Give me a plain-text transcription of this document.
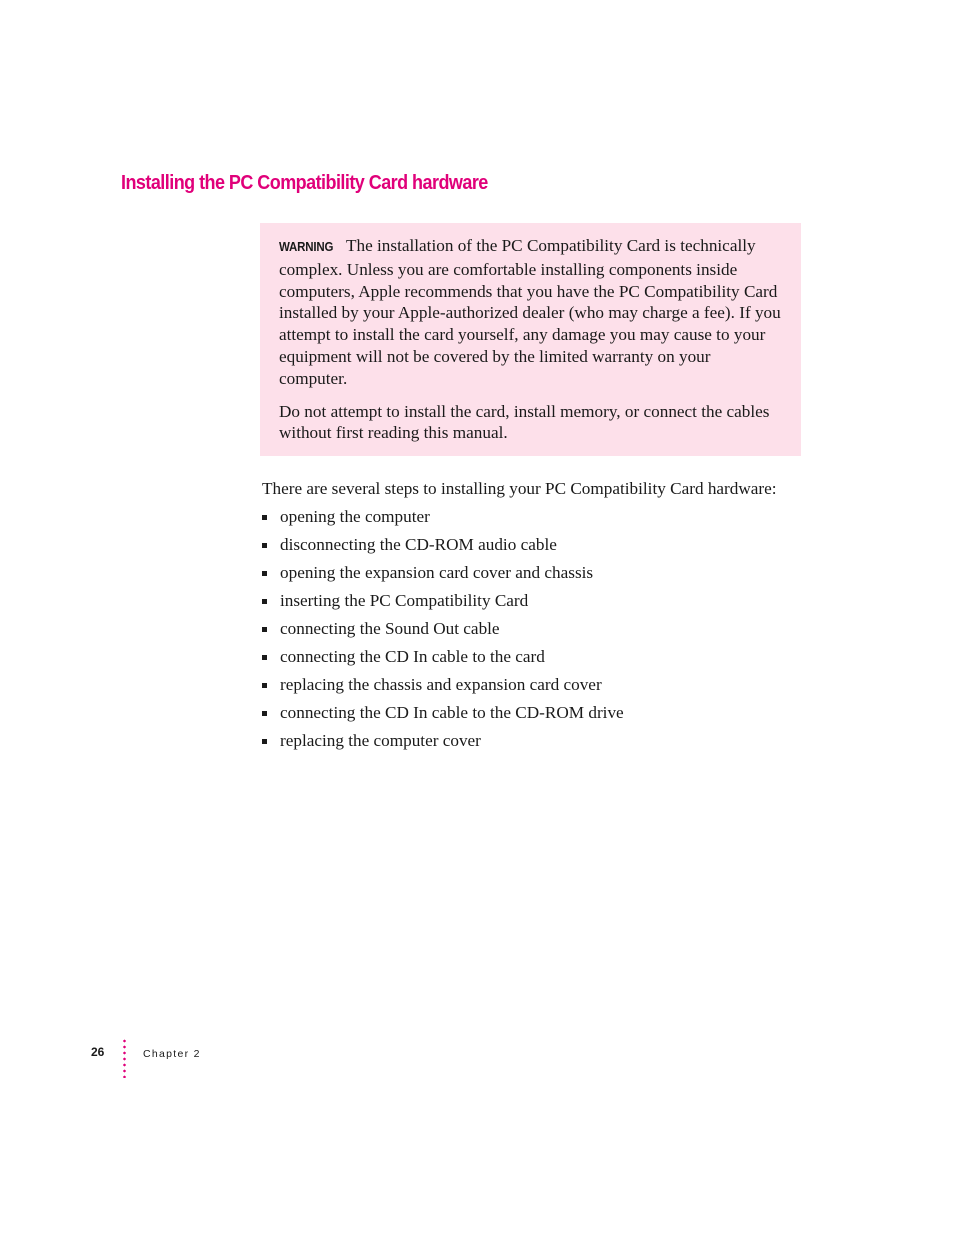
Installing the PC Compatibility Card hardware

WARNING The installation of the PC Compatibility Card is technically complex. Unless you are comfortable installing components inside computers, Apple recommends that you have the PC Compatibility Card installed by your Apple-authorized dealer (who may charge a fee). If you attempt to install the card yourself, any damage you may cause to your equipment will not be covered by the limited warranty on your computer.

Do not attempt to install the card, install memory, or connect the cables without first reading this manual.

There are several steps to installing your PC Compatibility Card hardware:

opening the computer
disconnecting the CD-ROM audio cable
opening the expansion card cover and chassis
inserting the PC Compatibility Card
connecting the Sound Out cable
connecting the CD In cable to the card
replacing the chassis and expansion card cover
connecting the CD In cable to the CD-ROM drive
replacing the computer cover
26	Chapter 2
